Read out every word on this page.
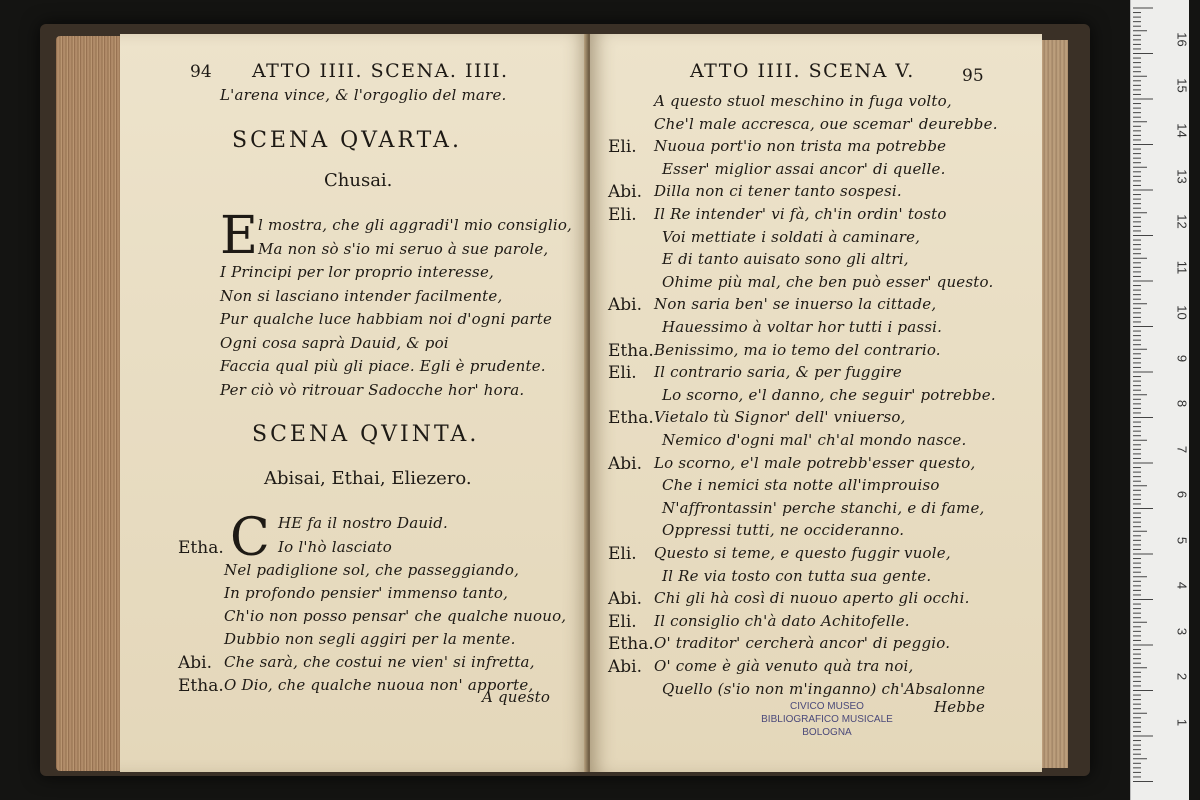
94 ATTO IIII. SCENA. IIII.
L'arena vince, & l'orgoglio del mare.
SCENA QVARTA.
Chusai.
E l mostra, che gli aggradi'l mio consiglio,
Ma non sò s'io mi seruo à sue parole,
I Principi per lor proprio interesse,
Non si lasciano intender facilmente,
Pur qualche luce habbiam noi d'ogni parte
Ogni cosa saprà Dauid, & poi
Faccia qual più gli piace. Egli è prudente.
Per ciò vò ritrouar Sadocche hor' hora.
SCENA QVINTA.
Abisai, Ethai, Eliezero.
C HE fa il nostro Dauid.
Etha.	Io l'hò lasciato
Nel padiglione sol, che passeggiando,
In profondo pensier' immenso tanto,
Ch'io non posso pensar' che qualche nuouo,
Dubbio non segli aggiri per la mente.
Abi. Che sarà, che costui ne vien' si infretta,
Etha. O Dio, che qualche nuoua non' apporte,
A questo
ATTO IIII. SCENA V.	95
A questo stuol meschino in fuga volto,
Che'l male accresca, oue scemar' deurebbe.
Eli. Nuoua port'io non trista ma potrebbe
Esser' miglior assai ancor' di quelle.
Abi. Dilla non ci tener tanto sospesi.
Eli. Il Re intender' vi fà, ch'in ordin' tosto
Voi mettiate i soldati à caminare,
E di tanto auisato sono gli altri,
Ohime più mal, che ben può esser' questo.
Abi. Non saria ben' se inuerso la cittade,
Hauessimo à voltar hor tutti i passi.
Etha. Benissimo, ma io temo del contrario.
Eli. Il contrario saria, & per fuggire
Lo scorno, e'l danno, che seguir' potrebbe.
Etha. Vietalo tù Signor' dell' vniuerso,
Nemico d'ogni mal' ch'al mondo nasce.
Abi. Lo scorno, e'l male potrebb'esser questo,
Che i nemici sta notte all'improuiso
N'affrontassin' perche stanchi, e di fame,
Oppressi tutti, ne occideranno.
Eli. Questo si teme, e questo fuggir vuole,
Il Re via tosto con tutta sua gente.
Abi. Chi gli hà così di nuouo aperto gli occhi.
Eli. Il consiglio ch'à dato Achitofelle.
Etha. O' traditor' cercherà ancor' di peggio.
Abi. O' come è già venuto quà tra noi,
Quello (s'io non m'inganno) ch'Absalonne
Hebbe
CIVICO MUSEO
BIBLIOGRAFICO MUSICALE
BOLOGNA
16
15
14
13
12
11
10
9
8
7
6
5
4
3
2
1
